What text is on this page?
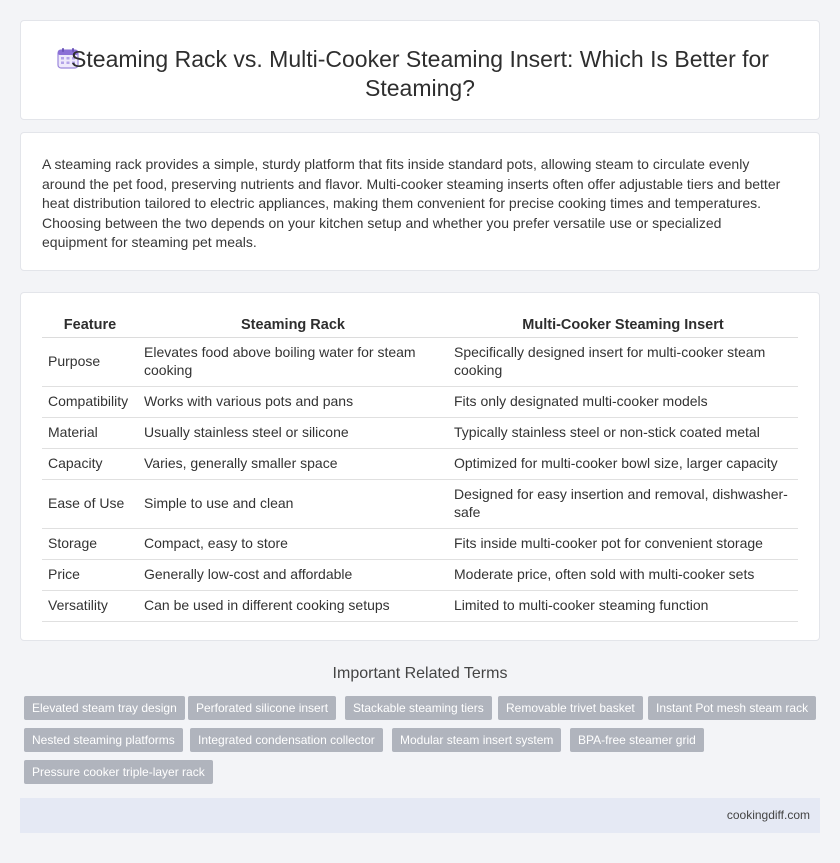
Steaming Rack vs. Multi-Cooker Steaming Insert: Which Is Better for Steaming?

A steaming rack provides a simple, sturdy platform that fits inside standard pots, allowing steam to circulate evenly around the pet food, preserving nutrients and flavor. Multi-cooker steaming inserts often offer adjustable tiers and better heat distribution tailored to electric appliances, making them convenient for precise cooking times and temperatures. Choosing between the two depends on your kitchen setup and whether you prefer versatile use or specialized equipment for steaming pet meals.

Feature	Steaming Rack	Multi-Cooker Steaming Insert
Purpose	Elevates food above boiling water for steam cooking	Specifically designed insert for multi-cooker steam cooking
Compatibility	Works with various pots and pans	Fits only designated multi-cooker models
Material	Usually stainless steel or silicone	Typically stainless steel or non-stick coated metal
Capacity	Varies, generally smaller space	Optimized for multi-cooker bowl size, larger capacity
Ease of Use	Simple to use and clean	Designed for easy insertion and removal, dishwasher-safe
Storage	Compact, easy to store	Fits inside multi-cooker pot for convenient storage
Price	Generally low-cost and affordable	Moderate price, often sold with multi-cooker sets
Versatility	Can be used in different cooking setups	Limited to multi-cooker steaming function
Important Related Terms
Elevated steam tray design	Perforated silicone insert	Stackable steaming tiers	Removable trivet basket	Instant Pot mesh steam rack
Nested steaming platforms	Integrated condensation collector	Modular steam insert system	BPA-free steamer grid
Pressure cooker triple-layer rack
cookingdiff.com
